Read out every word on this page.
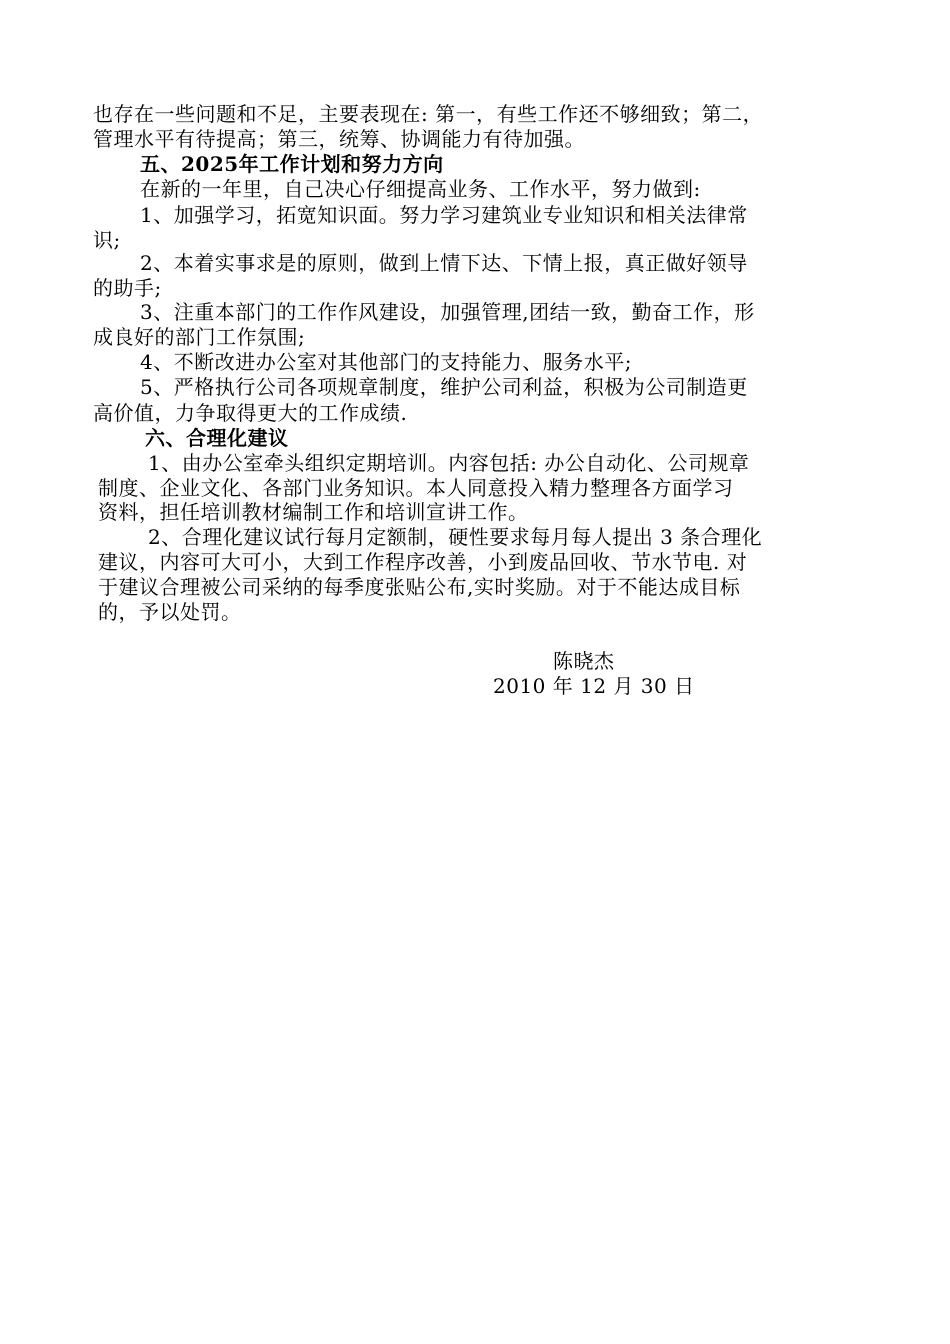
也存在一些问题和不足，主要表现在: 第一，有些工作还不够细致；第二，
管理水平有待提高；第三，统筹、协调能力有待加强。
五、2025年工作计划和努力方向
在新的一年里，自己决心仔细提高业务、工作水平，努力做到:
1、加强学习，拓宽知识面。努力学习建筑业专业知识和相关法律常
识;
2、本着实事求是的原则，做到上情下达、下情上报，真正做好领导
的助手;
3、注重本部门的工作作风建设，加强管理,团结一致，勤奋工作，形
成良好的部门工作氛围;
4、不断改进办公室对其他部门的支持能力、服务水平;
5、严格执行公司各项规章制度，维护公司利益，积极为公司制造更
高价值，力争取得更大的工作成绩.
六、合理化建议
1、由办公室牵头组织定期培训。内容包括: 办公自动化、公司规章
制度、企业文化、各部门业务知识。本人同意投入精力整理各方面学习
资料，担任培训教材编制工作和培训宣讲工作。
2、合理化建议试行每月定额制，硬性要求每月每人提出 3 条合理化
建议，内容可大可小，大到工作程序改善，小到废品回收、节水节电. 对
于建议合理被公司采纳的每季度张贴公布,实时奖励。对于不能达成目标
的，予以处罚。
陈晓杰
2010 年 12 月 30 日
